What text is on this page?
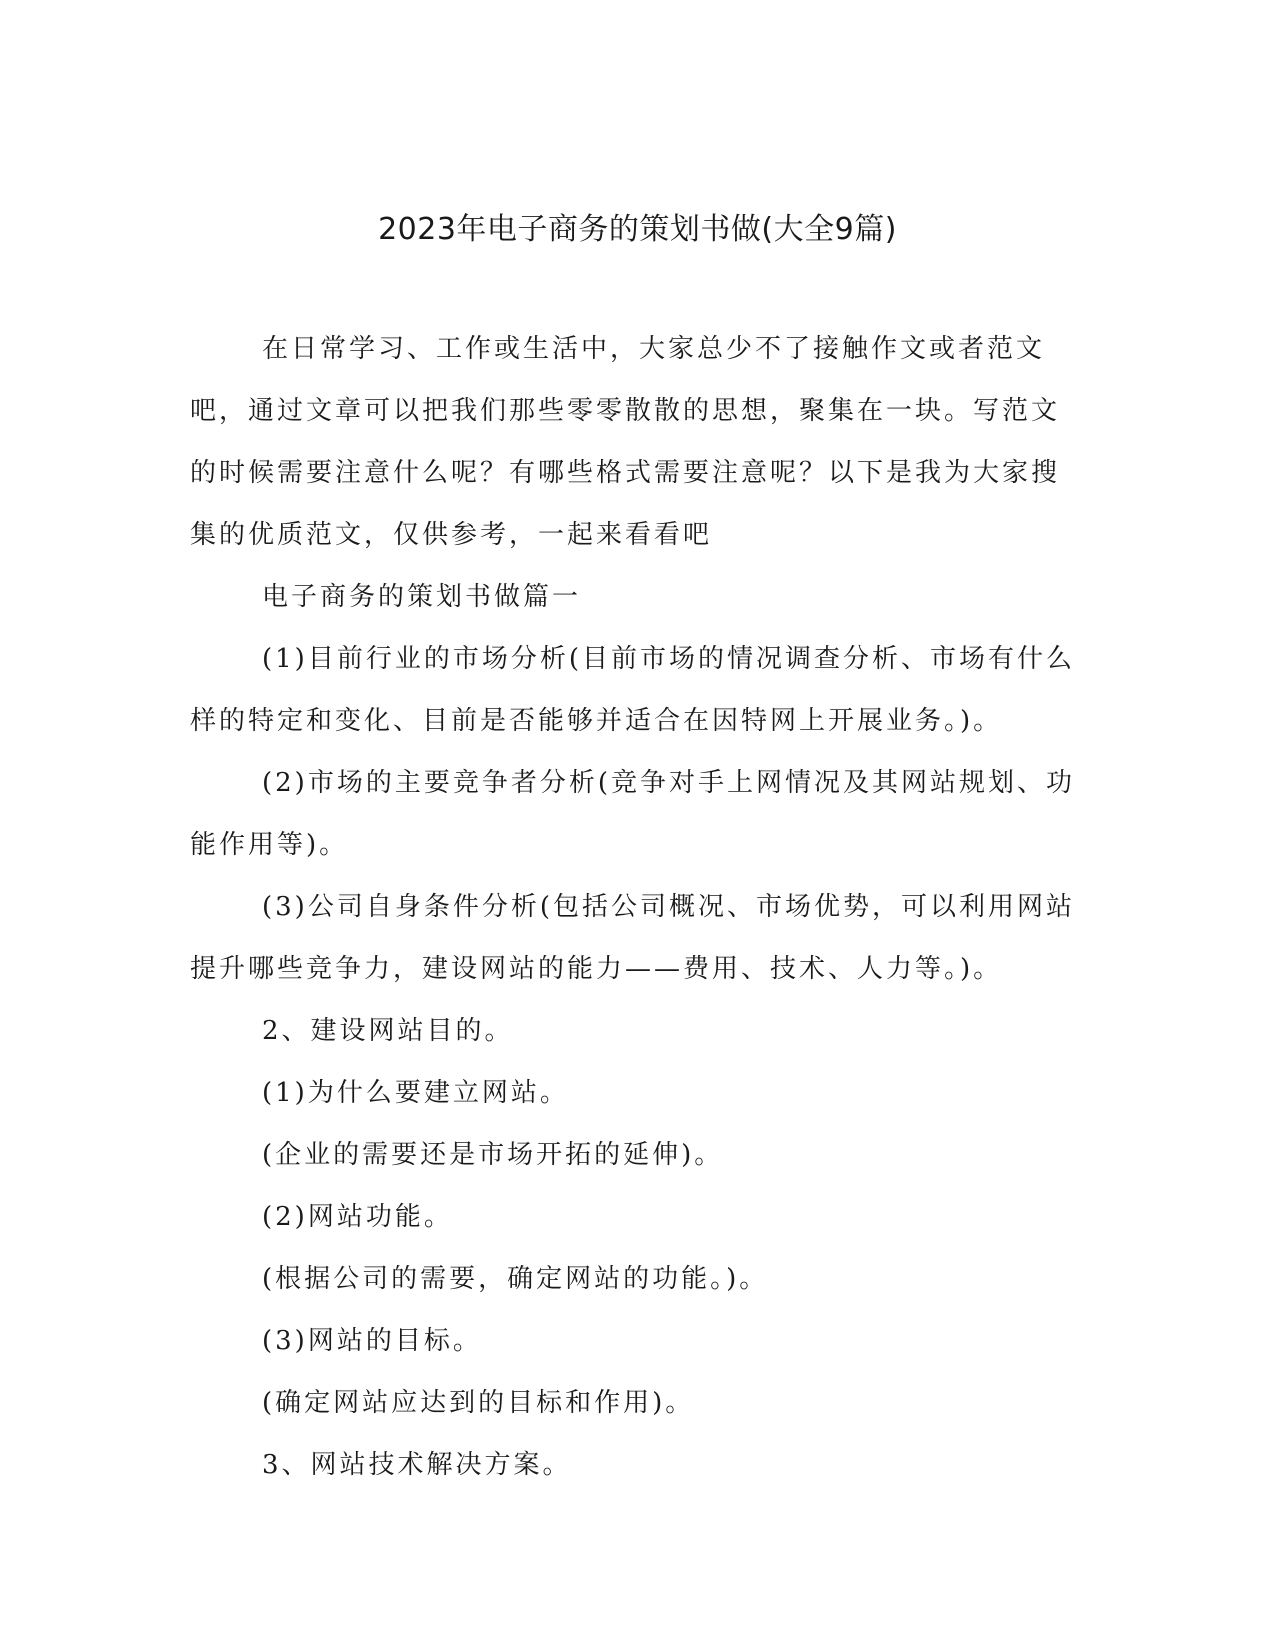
2023年电子商务的策划书做(大全9篇)

在日常学习、工作或生活中，大家总少不了接触作文或者范文吧，通过文章可以把我们那些零零散散的思想，聚集在一块。写范文的时候需要注意什么呢？有哪些格式需要注意呢？以下是我为大家搜集的优质范文，仅供参考，一起来看看吧

电子商务的策划书做篇一

(1)目前行业的市场分析(目前市场的情况调查分析、市场有什么样的特定和变化、目前是否能够并适合在因特网上开展业务。)。

(2)市场的主要竞争者分析(竞争对手上网情况及其网站规划、功能作用等)。

(3)公司自身条件分析(包括公司概况、市场优势，可以利用网站提升哪些竞争力，建设网站的能力——费用、技术、人力等。)。

2、建设网站目的。

(1)为什么要建立网站。

(企业的需要还是市场开拓的延伸)。

(2)网站功能。

(根据公司的需要，确定网站的功能。)。

(3)网站的目标。

(确定网站应达到的目标和作用)。

3、网站技术解决方案。
